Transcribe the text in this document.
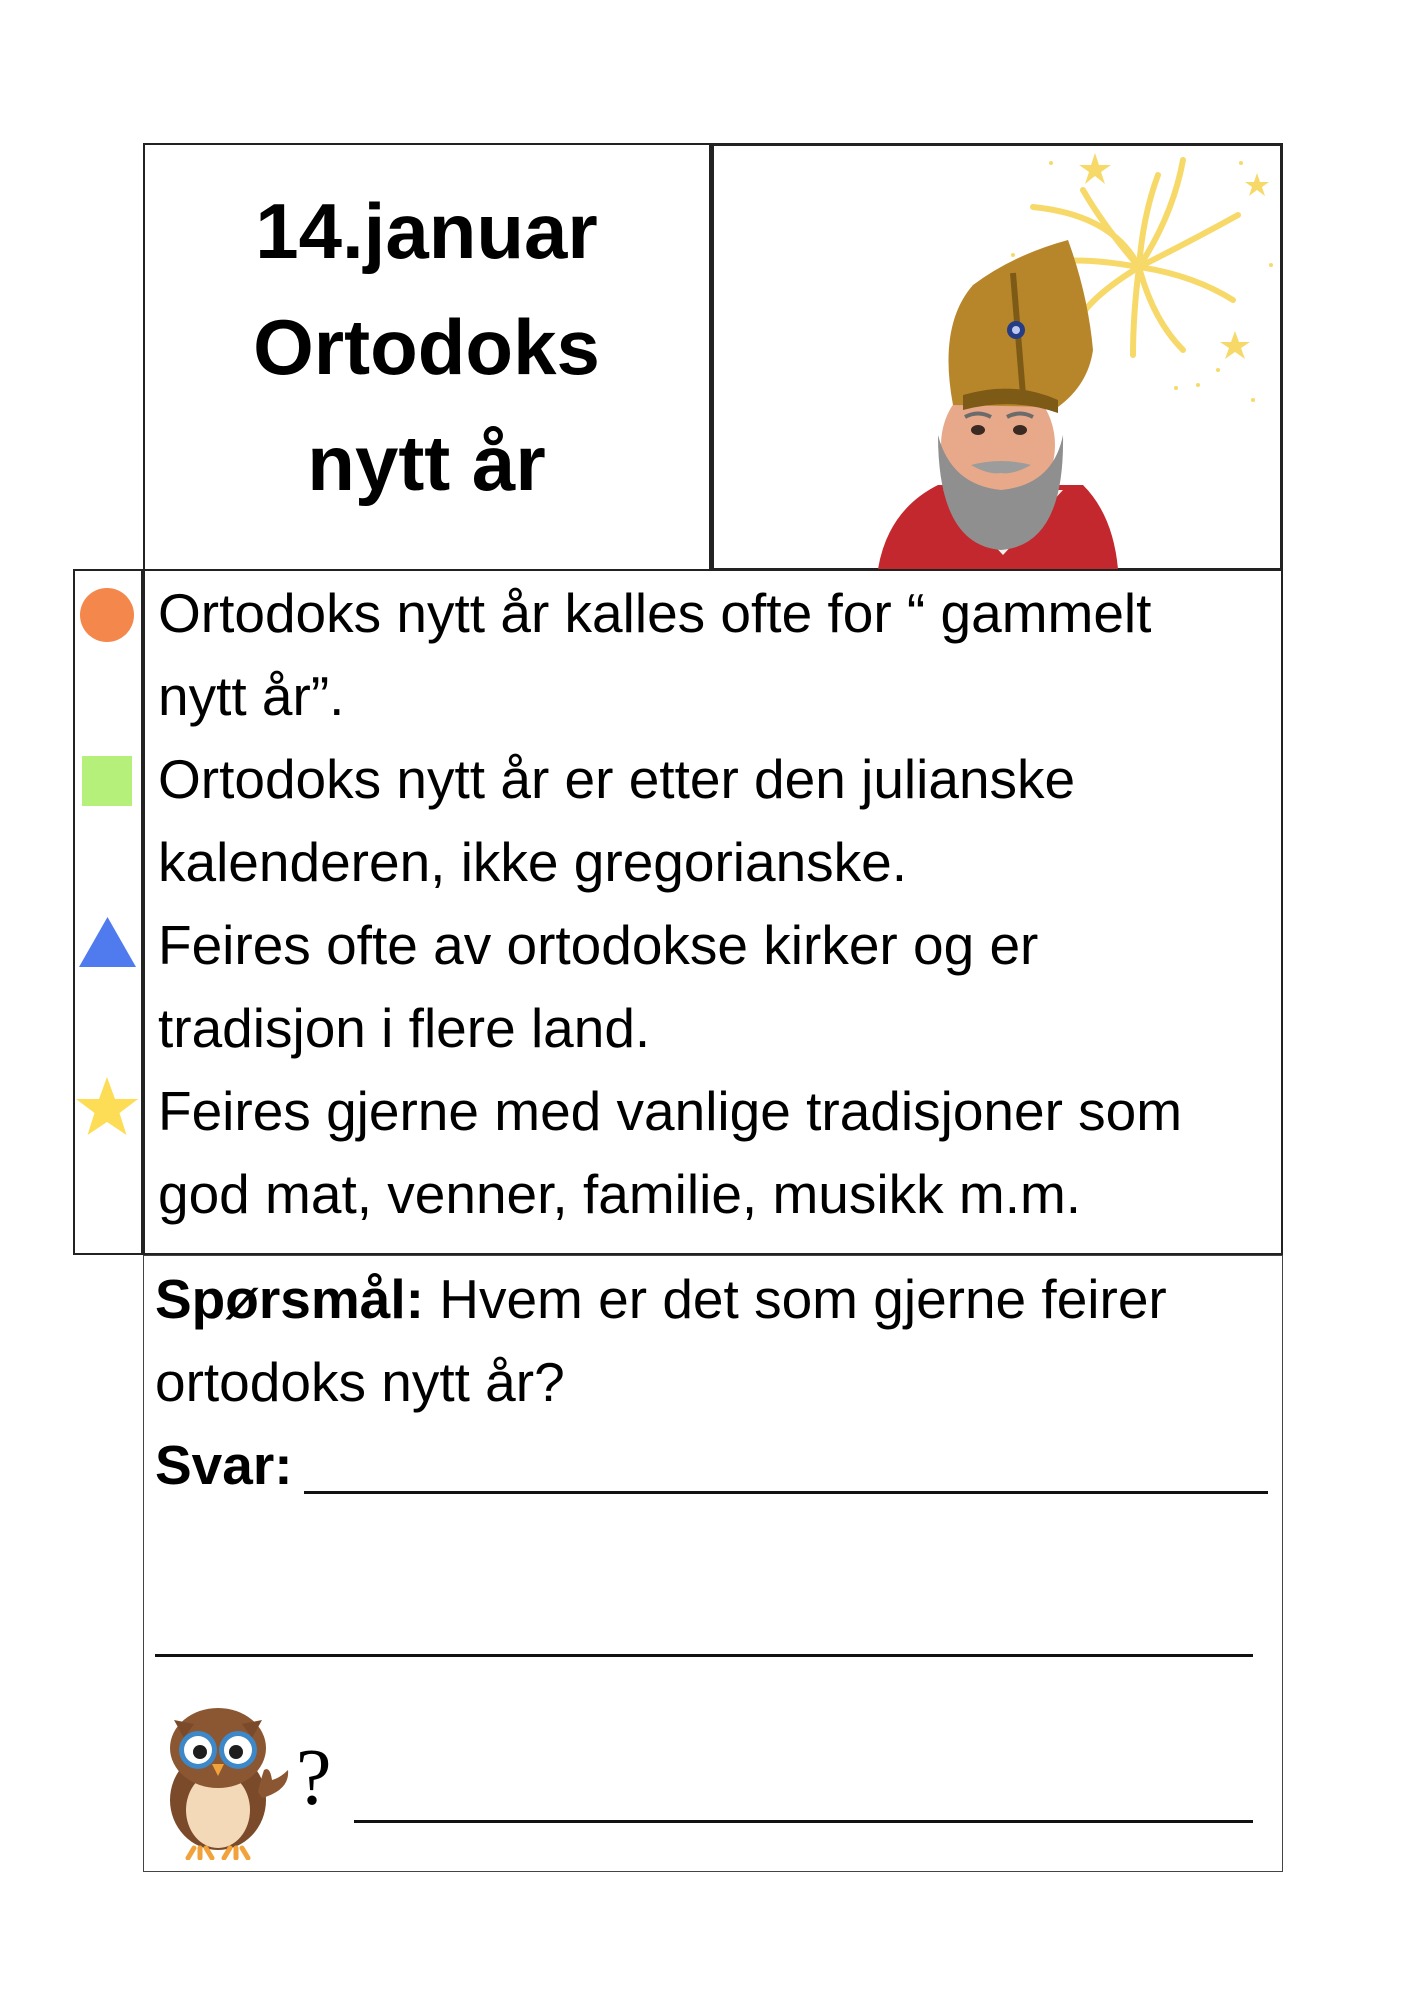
14.januar
Ortodoks
nytt år
Ortodoks nytt år kalles ofte for “ gammelt
nytt år”.
Ortodoks nytt år er etter den julianske
kalenderen, ikke gregorianske.
Feires ofte av ortodokse kirker og er
tradisjon i flere land.
Feires gjerne med vanlige tradisjoner som
god mat, venner, familie, musikk m.m.
Spørsmål: Hvem er det som gjerne feirer
ortodoks nytt år?
Svar:
?
